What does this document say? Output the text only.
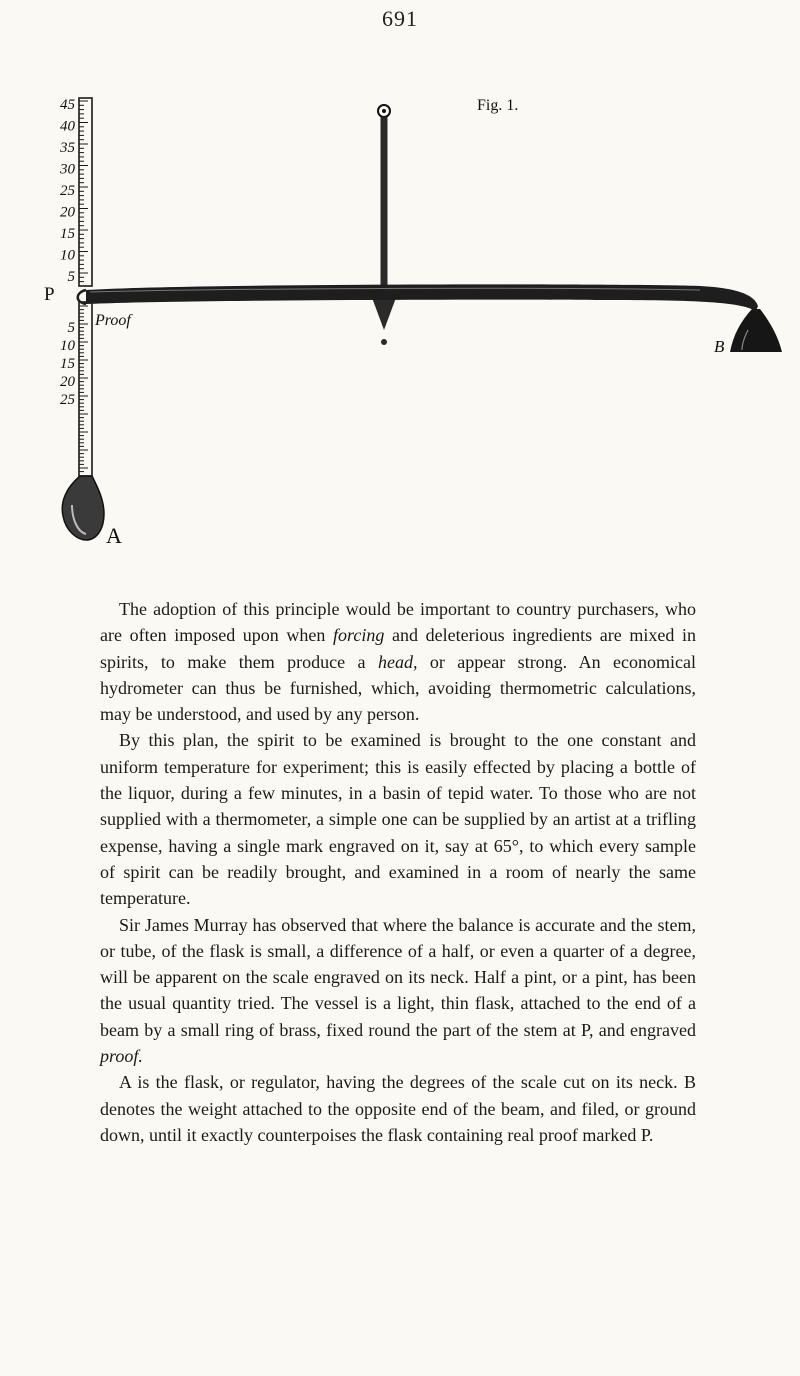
691
Fig. 1.
P
Proof
B
A
45
40
35
30
25
20
15
10
5
5
10
15
20
25

The adoption of this principle would be important to country purchasers, who are often imposed upon when forcing and deleterious ingredients are mixed in spirits, to make them produce a head, or appear strong. An economical hydrometer can thus be furnished, which, avoiding thermometric calculations, may be understood, and used by any person.

By this plan, the spirit to be examined is brought to the one constant and uniform temperature for experiment; this is easily effected by placing a bottle of the liquor, during a few minutes, in a basin of tepid water. To those who are not supplied with a thermometer, a simple one can be supplied by an artist at a trifling expense, having a single mark engraved on it, say at 65°, to which every sample of spirit can be readily brought, and examined in a room of nearly the same temperature.

Sir James Murray has observed that where the balance is accurate and the stem, or tube, of the flask is small, a difference of a half, or even a quarter of a degree, will be apparent on the scale engraved on its neck. Half a pint, or a pint, has been the usual quantity tried. The vessel is a light, thin flask, attached to the end of a beam by a small ring of brass, fixed round the part of the stem at P, and engraved proof.

A is the flask, or regulator, having the degrees of the scale cut on its neck. B denotes the weight attached to the opposite end of the beam, and filed, or ground down, until it exactly counterpoises the flask containing real proof marked P.
